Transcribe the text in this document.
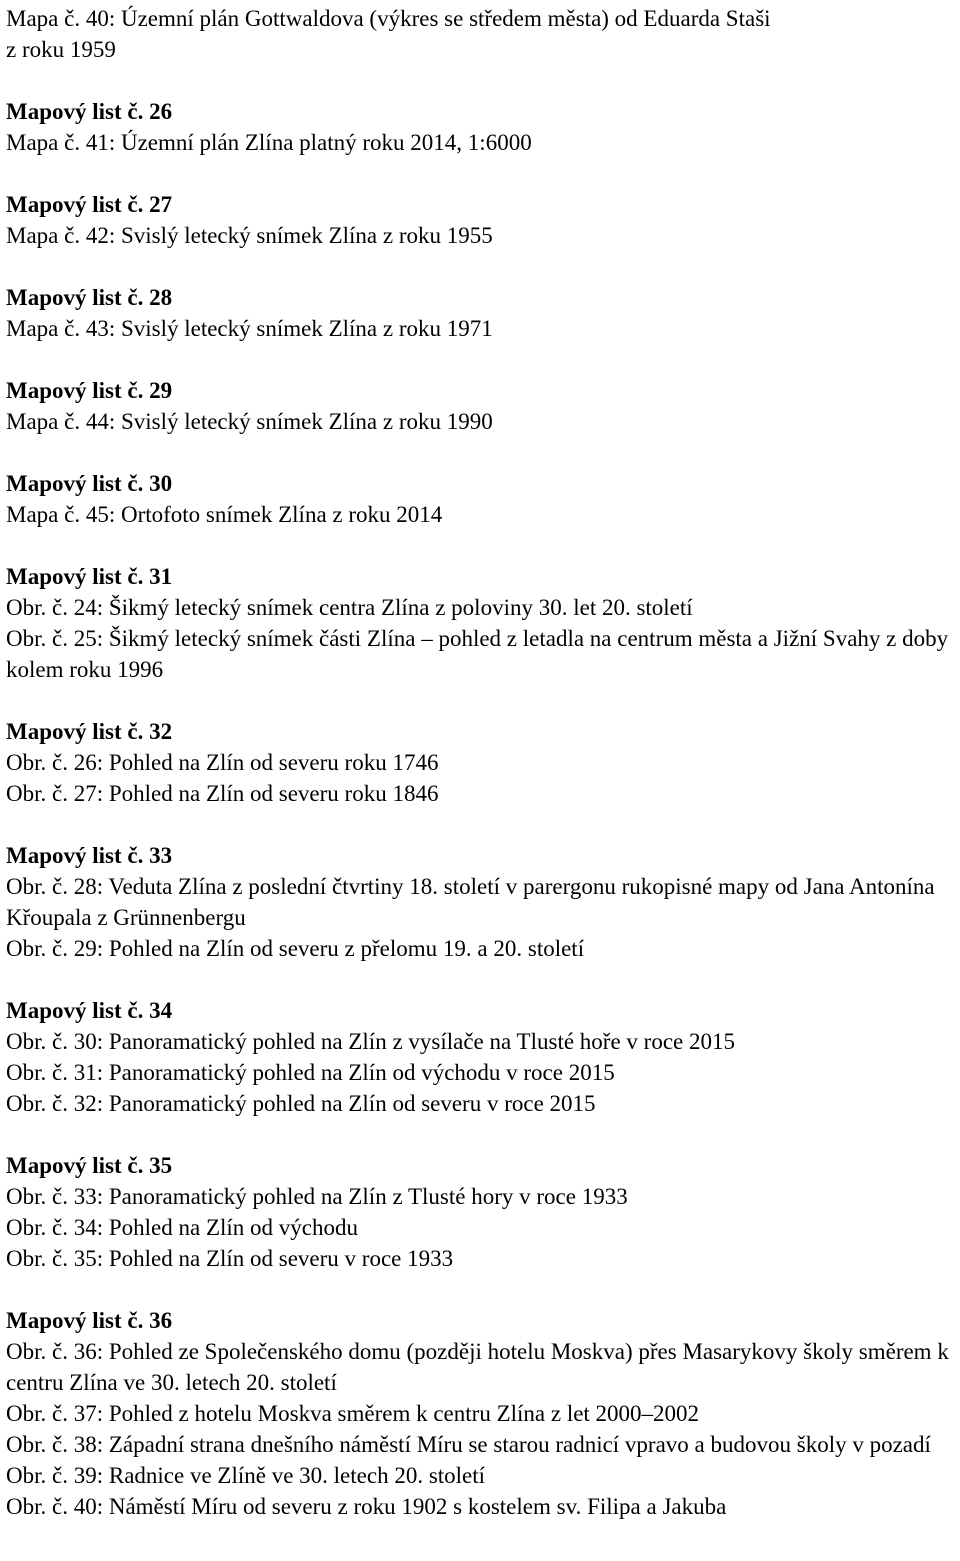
Mapa č. 40: Územní plán Gottwaldova (výkres se středem města) od Eduarda Staši
z roku 1959
Mapový list č. 26
Mapa č. 41: Územní plán Zlína platný roku 2014, 1:6000
Mapový list č. 27
Mapa č. 42: Svislý letecký snímek Zlína z roku 1955
Mapový list č. 28
Mapa č. 43: Svislý letecký snímek Zlína z roku 1971
Mapový list č. 29
Mapa č. 44: Svislý letecký snímek Zlína z roku 1990
Mapový list č. 30
Mapa č. 45: Ortofoto snímek Zlína z roku 2014
Mapový list č. 31
Obr. č. 24: Šikmý letecký snímek centra Zlína z poloviny 30. let 20. století
Obr. č. 25: Šikmý letecký snímek části Zlína – pohled z letadla na centrum města a Jižní Svahy z doby kolem roku 1996
Mapový list č. 32
Obr. č. 26: Pohled na Zlín od severu roku 1746
Obr. č. 27: Pohled na Zlín od severu roku 1846
Mapový list č. 33
Obr. č. 28: Veduta Zlína z poslední čtvrtiny 18. století v parergonu rukopisné mapy od Jana Antonína Křoupala z Grünnenbergu
Obr. č. 29: Pohled na Zlín od severu z přelomu 19. a 20. století
Mapový list č. 34
Obr. č. 30: Panoramatický pohled na Zlín z vysílače na Tlusté hoře v roce 2015
Obr. č. 31: Panoramatický pohled na Zlín od východu v roce 2015
Obr. č. 32: Panoramatický pohled na Zlín od severu v roce 2015
Mapový list č. 35
Obr. č. 33: Panoramatický pohled na Zlín z Tlusté hory v roce 1933
Obr. č. 34: Pohled na Zlín od východu
Obr. č. 35: Pohled na Zlín od severu v roce 1933
Mapový list č. 36
Obr. č. 36: Pohled ze Společenského domu (později hotelu Moskva) přes Masarykovy školy směrem k centru Zlína ve 30. letech 20. století
Obr. č. 37: Pohled z hotelu Moskva směrem k centru Zlína z let 2000–2002
Obr. č. 38: Západní strana dnešního náměstí Míru se starou radnicí vpravo a budovou školy v pozadí
Obr. č. 39: Radnice ve Zlíně ve 30. letech 20. století
Obr. č. 40: Náměstí Míru od severu z roku 1902 s kostelem sv. Filipa a Jakuba
